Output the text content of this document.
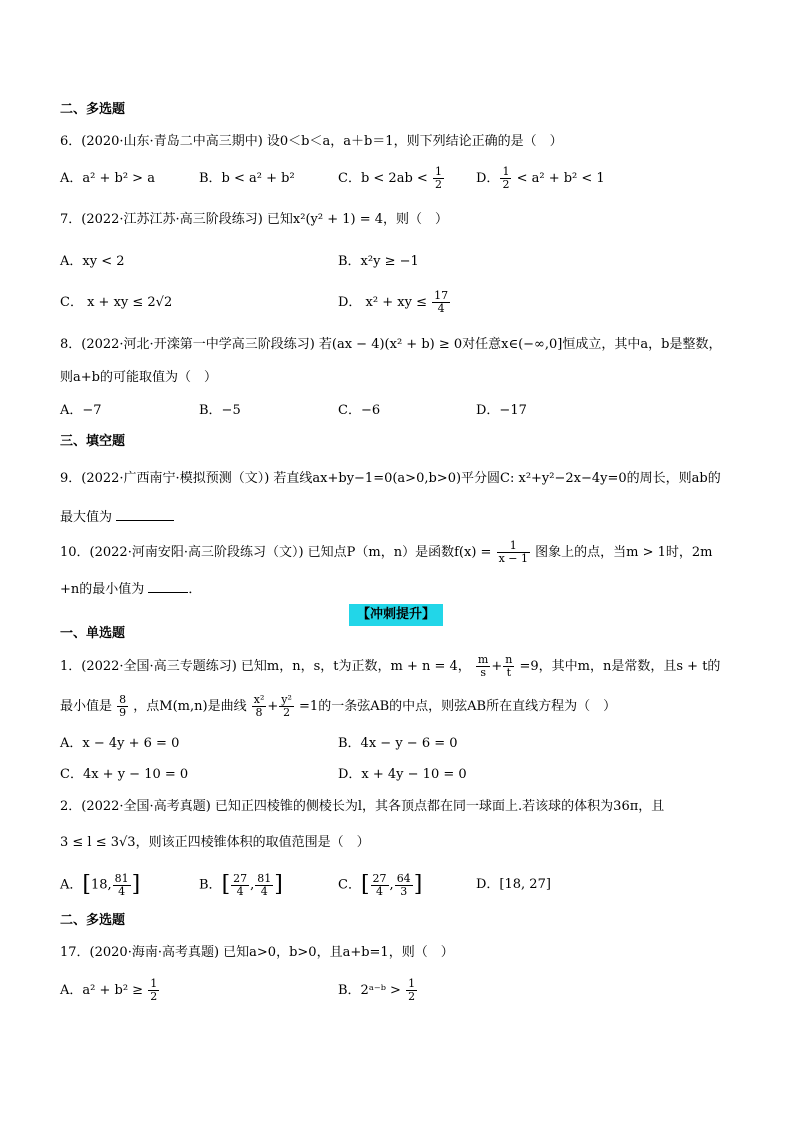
二、多选题
6．(2020·山东·青岛二中高三期中) 设0＜b＜a，a＋b＝1，则下列结论正确的是（　）
A．a² + b² > a	B．b < a² + b²	C．$b < 2ab < \frac{1}{2}$ D． $\frac{1}{2} < a^2 + b^2 < 1$
7．(2022·江苏江苏·高三阶段练习) 已知x²(y² + 1) = 4，则（　）
A．xy < 2	B．x²y ≥ −1
C． x + xy ≤ 2√2	D． x² + xy ≤ $\frac{17}{4}$
8．(2022·河北·开滦第一中学高三阶段练习) 若(ax − 4)(x² + b) ≥ 0对任意x∈(−∞,0]恒成立，其中a，b是整数，
则a+b的可能取值为（　）
A．−7	B．−5	C．−6	D．−17
三、填空题
9．(2022·广西南宁·模拟预测（文）) 若直线ax+by−1=0(a>0,b>0)平分圆C: x²+y²−2x−4y=0的周长，则ab的
最大值为
10．(2022·河南安阳·高三阶段练习（文）) 已知点P（m，n）是函数$f(x) = \frac{1}{x - 1}$ 图象上的点，当m > 1时，2m
+n的最小值为	．
【冲刺提升】
一、单选题
1．(2022·全国·高三专题练习) 已知m，n，s，t为正数，m + n = 4， $\frac{m}{s} + \frac{n}{t} =9$，其中m，n是常数，且s + t的
最小值是 $\frac{8}{9}$ ，点M(m,n)是曲线 $\frac{\text{x²}}{8} + \frac{\text{y²}}{2} =1$的一条弦AB的中点，则弦AB所在直线方程为（　）
A．x − 4y + 6 = 0	B．4x − y − 6 = 0
C．4x + y − 10 = 0	D．x + 4y − 10 = 0
2．(2022·全国·高考真题) 已知正四棱锥的侧棱长为l，其各顶点都在同一球面上.若该球的体积为36π，且
3 ≤ l ≤ 3√3，则该正四棱锥体积的取值范围是（　）
A．[18, $\frac{81}{4}$ ]	B．[ $\frac{27}{4}$ , $\frac{81}{4}$ ]	C．[ $\frac{27}{4}$ , $\frac{64}{3}$ ]	D．[18, 27]
二、多选题
17．(2020·海南·高考真题) 已知a>0，b>0，且a+b=1，则（　）
A．$a^2 + b^2 \ge \frac{1}{2}$	B．2ᵃ⁻ᵇ > $\frac{1}{2}$
